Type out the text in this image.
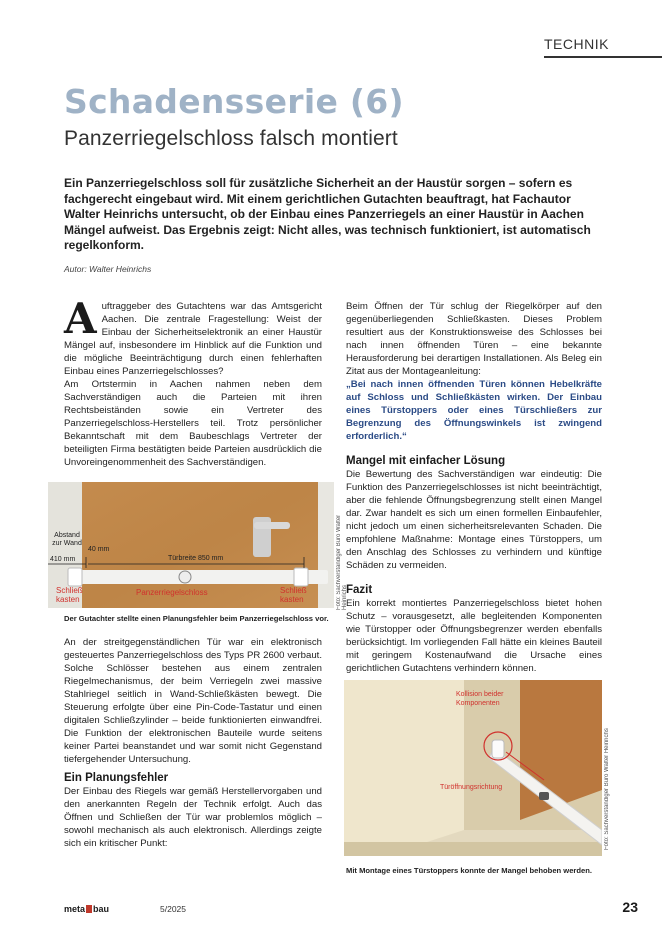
TECHNIK
Schadensserie (6)
Panzerriegelschloss falsch montiert
Ein Panzerriegelschloss soll für zusätzliche Sicherheit an der Haustür sorgen – sofern es fachgerecht eingebaut wird. Mit einem gerichtlichen Gutachten beauftragt, hat Fachautor Walter Heinrichs untersucht, ob der Einbau eines Panzerriegels an einer Haustür in Aachen Mängel aufweist. Das Ergebnis zeigt: Nicht alles, was technisch funktioniert, ist automatisch regelkonform.
Autor: Walter Heinrichs

Auftraggeber des Gutachtens war das Amtsgericht Aachen. Die zentrale Fragestellung: Weist der Einbau der Sicherheitselektronik an einer Haustür Mängel auf, insbesondere im Hinblick auf die Funktion und die mögliche Beeinträchtigung durch einen fehlerhaften Einbau eines Panzerriegelschlosses?

Am Ortstermin in Aachen nahmen neben dem Sachverständigen auch die Parteien mit ihren Rechtsbeiständen sowie ein Vertreter des Panzerriegelschloss-Herstellers teil. Trotz persönlicher Bekanntschaft mit dem Baubeschlags Vertreter der beteiligten Firma bestätigten beide Parteien ausdrücklich die Unvoreingenommenheit des Sachverständigen.

Abstand zur Wand
410 mm
40 mm
Türbreite 850 mm
Schließ kasten
Panzerriegelschloss	Schließ kasten	Foto: Sachverständiger Büro Walter Heinrichs
Der Gutachter stellte einen Planungsfehler beim Panzerriegelschloss vor.

An der streitgegenständlichen Tür war ein elektronisch gesteuertes Panzerriegelschloss des Typs PR 2600 verbaut. Solche Schlösser bestehen aus einem zentralen Riegelmechanismus, der beim Verriegeln zwei massive Stahlriegel seitlich in Wand-Schließkästen bewegt. Die Steuerung erfolgte über eine Pin-Code-Tastatur und einen digitalen Schließzylinder – beide funktionierten einwandfrei. Die Funktion der elektronischen Bauteile wurde seitens keiner Partei beanstandet und war somit nicht Gegenstand tiefergehender Untersuchung.

Ein Planungsfehler

Der Einbau des Riegels war gemäß Herstellervorgaben und den anerkannten Regeln der Technik erfolgt. Auch das Öffnen und Schließen der Tür war problemlos möglich – sowohl mechanisch als auch elektronisch. Allerdings zeigte sich ein kritischer Punkt:

Beim Öffnen der Tür schlug der Riegelkörper auf den gegenüberliegenden Schließkasten. Dieses Problem resultiert aus der Konstruktionsweise des Schlosses bei nach innen öffnenden Türen – eine bekannte Herausforderung bei derartigen Installationen. Als Beleg ein Zitat aus der Montageanleitung:

„Bei nach innen öffnenden Türen können Hebelkräfte auf Schloss und Schließkästen wirken. Der Einbau eines Türstoppers oder eines Türschließers zur Begrenzung des Öffnungswinkels ist zwingend erforderlich.“

Mangel mit einfacher Lösung

Die Bewertung des Sachverständigen war eindeutig: Die Funktion des Panzerriegelschlosses ist nicht beeinträchtigt, aber die fehlende Öffnungsbegrenzung stellt einen Mangel dar. Zwar handelt es sich um einen formellen Einbaufehler, nicht jedoch um einen sicherheitsrelevanten Schaden. Die empfohlene Maßnahme: Montage eines Türstoppers, um den Anschlag des Schlosses zu verhindern und künftige Schäden zu vermeiden.

Fazit

Ein korrekt montiertes Panzerriegelschloss bietet hohen Schutz – vorausgesetzt, alle begleitenden Komponenten wie Türstopper oder Öffnungsbegrenzer werden ebenfalls berücksichtigt. Im vorliegenden Fall hätte ein kleines Bauteil mit geringem Kostenaufwand die Ursache eines gerichtlichen Gutachtens verhindern können.

Kollision beider Komponenten
Türöffnungsrichtung	Foto: Sachverständiger Büro Walter Heinrichs
Mit Montage eines Türstoppers konnte der Mangel behoben werden.
meta bau	5/2025	23
